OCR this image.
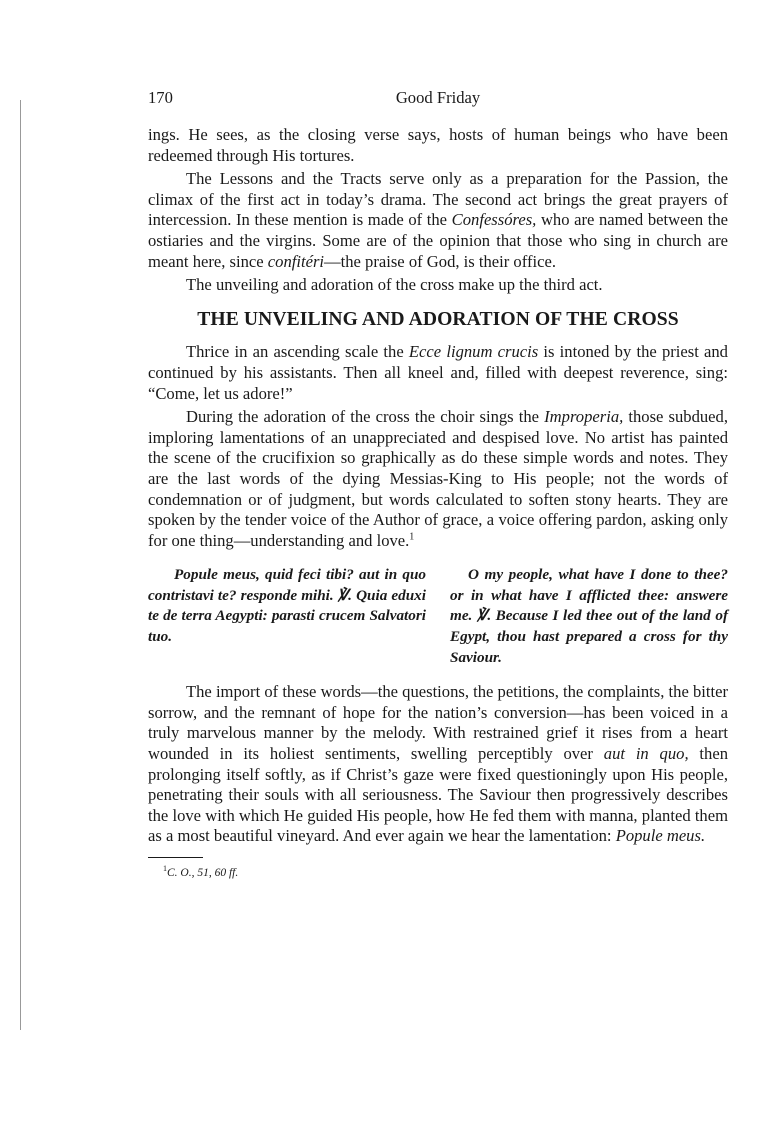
170	Good Friday

ings. He sees, as the closing verse says, hosts of human beings who have been redeemed through His tortures.

The Lessons and the Tracts serve only as a preparation for the Passion, the climax of the first act in today’s drama. The second act brings the great prayers of intercession. In these mention is made of the Confessóres, who are named between the ostiaries and the virgins. Some are of the opinion that those who sing in church are meant here, since confitéri—the praise of God, is their office.

The unveiling and adoration of the cross make up the third act.

THE UNVEILING AND ADORATION OF THE CROSS

Thrice in an ascending scale the Ecce lignum crucis is intoned by the priest and continued by his assistants. Then all kneel and, filled with deepest reverence, sing: “Come, let us adore!”

During the adoration of the cross the choir sings the Improperia, those subdued, imploring lamentations of an unappreciated and despised love. No artist has painted the scene of the crucifixion so graphically as do these simple words and notes. They are the last words of the dying Messias-King to His people; not the words of condemnation or of judgment, but words calculated to soften stony hearts. They are spoken by the tender voice of the Author of grace, a voice offering pardon, asking only for one thing—understanding and love.$^1$

Popule meus, quid feci tibi? aut in quo contristavi te? responde mihi. ℣. Quia eduxi te de terra Aegypti: parasti crucem Salvatori tuo.
O my people, what have I done to thee? or in what have I afflicted thee: answere me. ℣. Because I led thee out of the land of Egypt, thou hast prepared a cross for thy Saviour.

The import of these words—the questions, the petitions, the complaints, the bitter sorrow, and the remnant of hope for the nation’s conversion—has been voiced in a truly marvelous manner by the melody. With restrained grief it rises from a heart wounded in its holiest sentiments, swelling perceptibly over aut in quo, then prolonging itself softly, as if Christ’s gaze were fixed questioningly upon His people, penetrating their souls with all seriousness. The Saviour then progressively describes the love with which He guided His people, how He fed them with manna, planted them as a most beautiful vineyard. And ever again we hear the lamentation: Popule meus.

$^1$C. O., 51, 60 ff.
